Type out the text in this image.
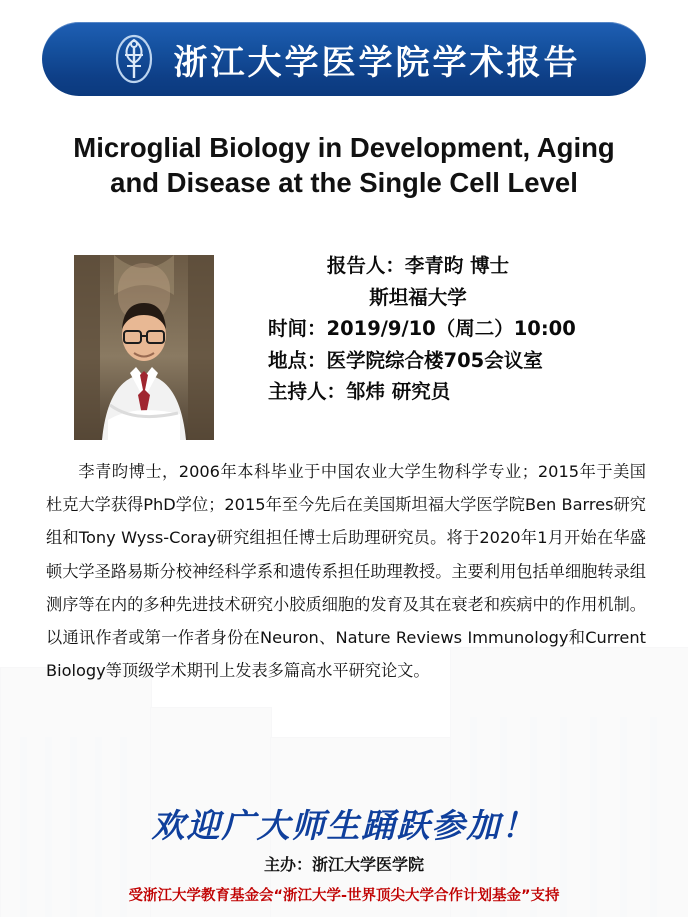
浙江大学医学院学术报告
Microglial Biology in Development, Aging
and Disease at the Single Cell Level
报告人：李青昀 博士
斯坦福大学
时间：2019/9/10（周二）10:00
地点：医学院综合楼705会议室
主持人：邹炜 研究员
李青昀博士，2006年本科毕业于中国农业大学生物科学专业；2015年于美国杜克大学获得PhD学位；2015年至今先后在美国斯坦福大学医学院Ben Barres研究组和Tony Wyss-Coray研究组担任博士后助理研究员。将于2020年1月开始在华盛顿大学圣路易斯分校神经科学系和遗传系担任助理教授。主要利用包括单细胞转录组测序等在内的多种先进技术研究小胶质细胞的发育及其在衰老和疾病中的作用机制。以通讯作者或第一作者身份在Neuron、Nature Reviews Immunology和Current Biology等顶级学术期刊上发表多篇高水平研究论文。
欢迎广大师生踊跃参加！
主办：浙江大学医学院
受浙江大学教育基金会“浙江大学-世界顶尖大学合作计划基金”支持
